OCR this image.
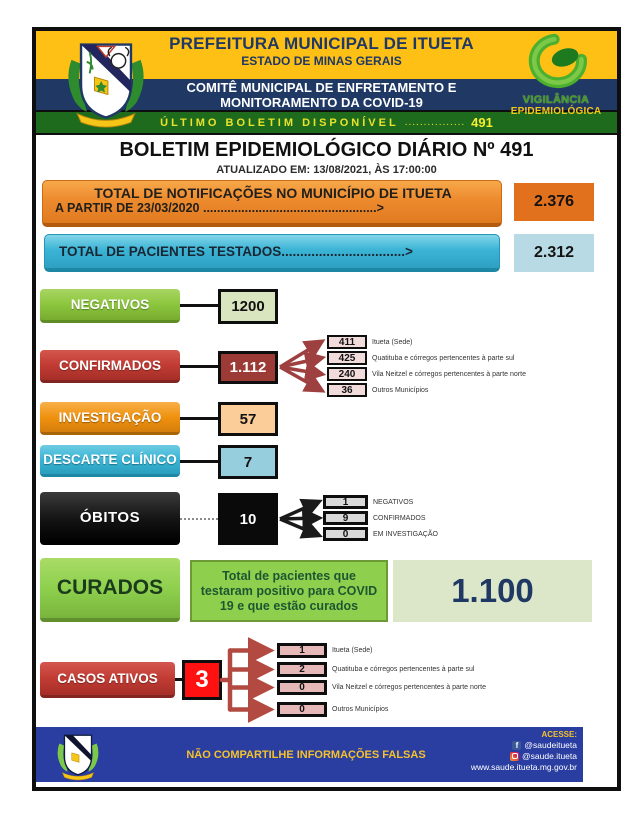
PREFEITURA MUNICIPAL DE ITUETA
ESTADO DE MINAS GERAIS
COMITÊ MUNICIPAL DE ENFRETAMENTO E
MONITORAMENTO DA COVID-19
ÚLTIMO BOLETIM DISPONÍVEL ................ 491
VIGILÂNCIA
EPIDEMIOLÓGICA
BOLETIM EPIDEMIOLÓGICO DIÁRIO Nº 491
ATUALIZADO EM: 13/08/2021, ÀS 17:00:00
TOTAL DE NOTIFICAÇÕES NO MUNICÍPIO DE ITUETA
A PARTIR DE 23/03/2020 ..................................................>	2.376
TOTAL DE PACIENTES TESTADOS.................................>	2.312
NEGATIVOS	1200
CONFIRMADOS	1.112
411	Itueta (Sede)
425	Quatituba e córregos pertencentes à parte sul
240	Vila Neitzel e córregos pertencentes à parte norte
36	Outros Municípios
INVESTIGAÇÃO	57
DESCARTE CLÍNICO	7
ÓBITOS	10
1	NEGATIVOS
9	CONFIRMADOS
0	EM INVESTIGAÇÃO
CURADOS
Total de pacientes que testaram positivo para COVID 19 e que estão curados	1.100
CASOS ATIVOS	3
1	Itueta (Sede)
2	Quatituba e córregos pertencentes à parte sul
0	Vila Neitzel e córregos pertencentes à parte norte
0	Outros Municípios
NÃO COMPARTILHE INFORMAÇÕES FALSAS
ACESSE:
f @saudeitueta
@saude.itueta
www.saude.itueta.mg.gov.br
